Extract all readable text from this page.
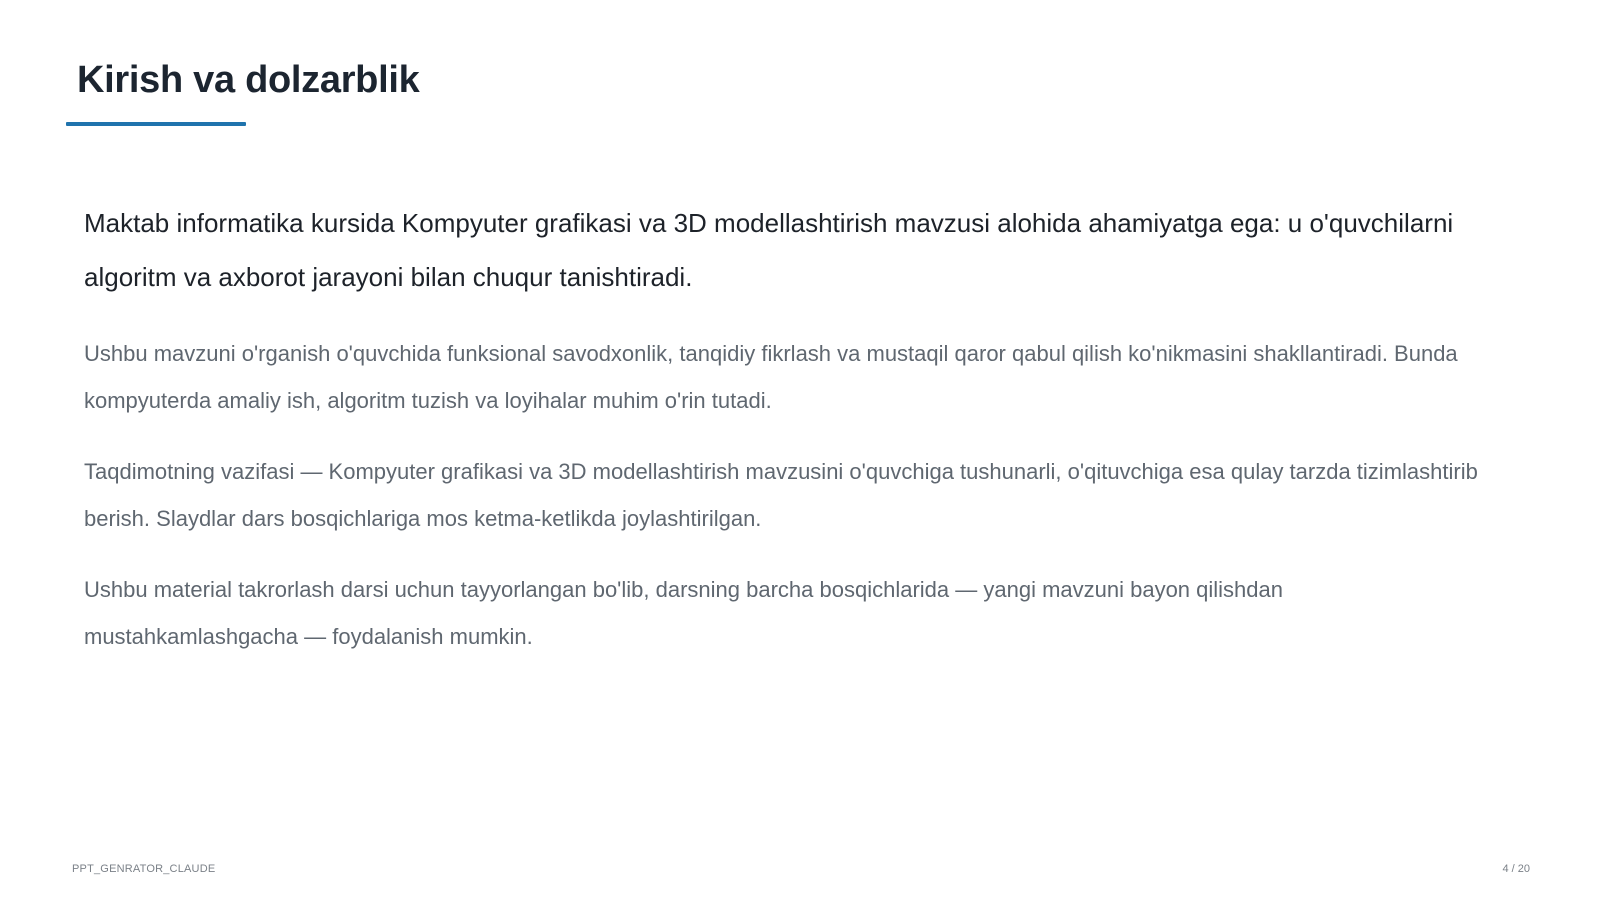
Kirish va dolzarblik

Maktab informatika kursida Kompyuter grafikasi va 3D modellashtirish mavzusi alohida ahamiyatga ega: u o'quvchilarni algoritm va axborot jarayoni bilan chuqur tanishtiradi.

Ushbu mavzuni o'rganish o'quvchida funksional savodxonlik, tanqidiy fikrlash va mustaqil qaror qabul qilish ko'nikmasini shakllantiradi. Bunda kompyuterda amaliy ish, algoritm tuzish va loyihalar muhim o'rin tutadi.

Taqdimotning vazifasi — Kompyuter grafikasi va 3D modellashtirish mavzusini o'quvchiga tushunarli, o'qituvchiga esa qulay tarzda tizimlashtirib berish. Slaydlar dars bosqichlariga mos ketma-ketlikda joylashtirilgan.

Ushbu material takrorlash darsi uchun tayyorlangan bo'lib, darsning barcha bosqichlarida — yangi mavzuni bayon qilishdan mustahkamlashgacha — foydalanish mumkin.

PPT_GENRATOR_CLAUDE	4 / 20
